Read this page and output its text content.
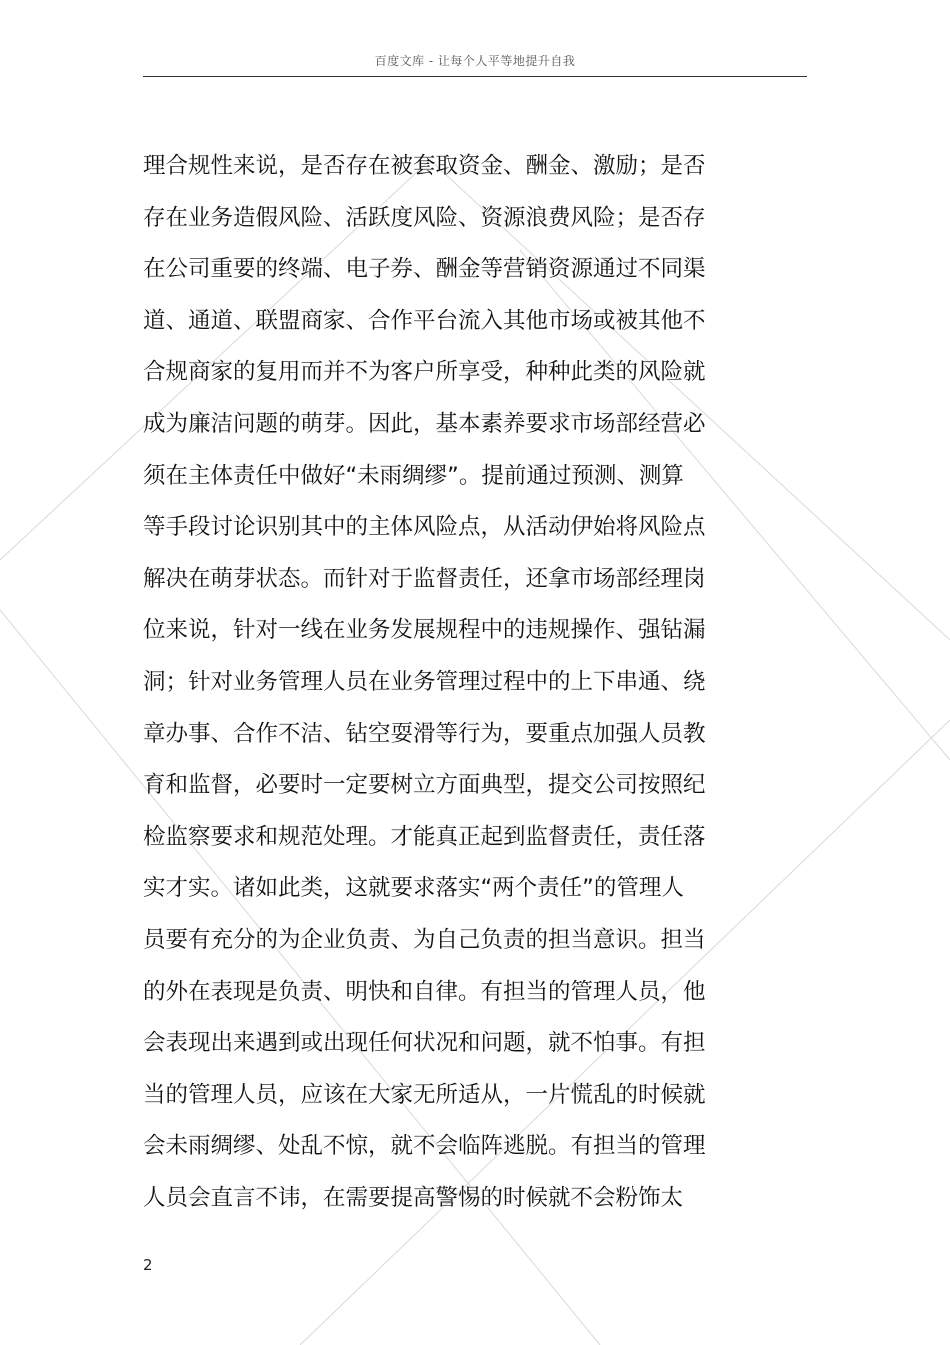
百度文库 - 让每个人平等地提升自我
理合规性来说，是否存在被套取资金、酬金、激励；是否
存在业务造假风险、活跃度风险、资源浪费风险；是否存
在公司重要的终端、电子券、酬金等营销资源通过不同渠
道、通道、联盟商家、合作平台流入其他市场或被其他不
合规商家的复用而并不为客户所享受，种种此类的风险就
成为廉洁问题的萌芽。因此，基本素养要求市场部经营必
须在主体责任中做好“未雨绸缪”。提前通过预测、测算
等手段讨论识别其中的主体风险点，从活动伊始将风险点
解决在萌芽状态。而针对于监督责任，还拿市场部经理岗
位来说，针对一线在业务发展规程中的违规操作、强钻漏
洞；针对业务管理人员在业务管理过程中的上下串通、绕
章办事、合作不洁、钻空耍滑等行为，要重点加强人员教
育和监督，必要时一定要树立方面典型，提交公司按照纪
检监察要求和规范处理。才能真正起到监督责任，责任落
实才实。诸如此类，这就要求落实“两个责任”的管理人
员要有充分的为企业负责、为自己负责的担当意识。担当
的外在表现是负责、明快和自律。有担当的管理人员，他
会表现出来遇到或出现任何状况和问题，就不怕事。有担
当的管理人员，应该在大家无所适从，一片慌乱的时候就
会未雨绸缪、处乱不惊，就不会临阵逃脱。有担当的管理
人员会直言不讳，在需要提高警惕的时候就不会粉饰太
2
